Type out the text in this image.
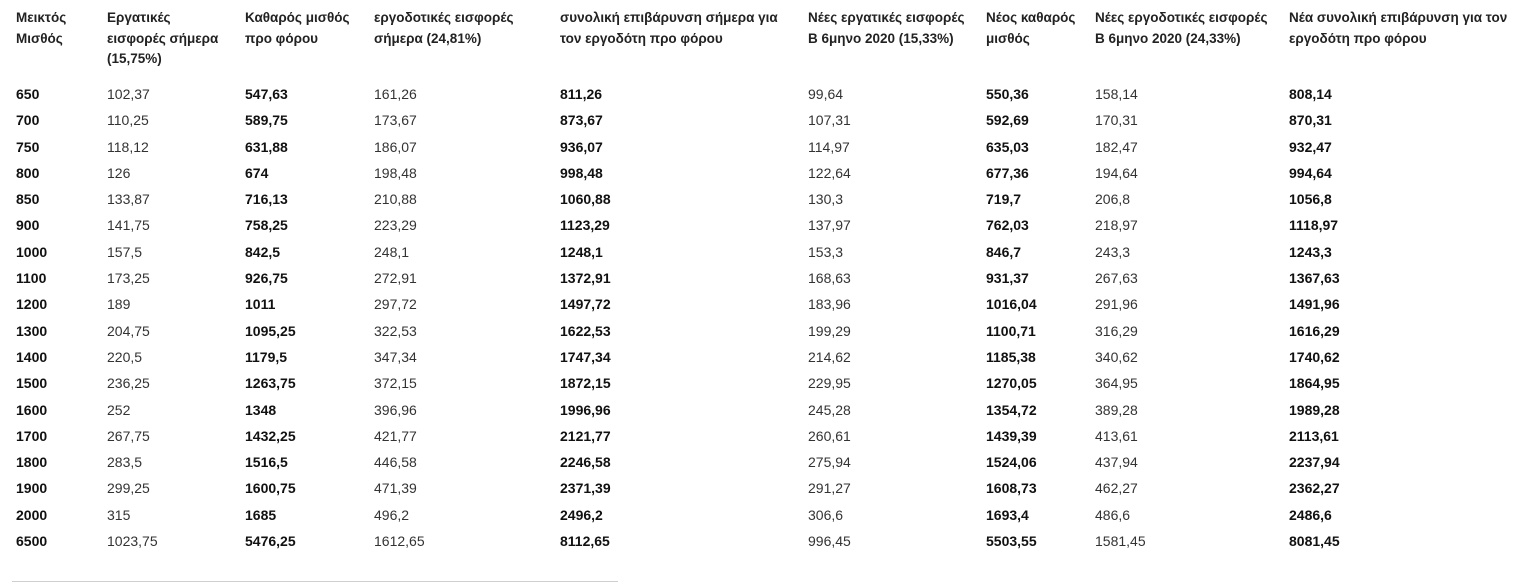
Μεικτός Μισθός	Εργατικές εισφορές σήμερα (15,75%)	Καθαρός μισθός προ φόρου	εργοδοτικές εισφορές σήμερα (24,81%)	συνολική επιβάρυνση σήμερα για τον εργοδότη προ φόρου	Νέες εργατικές εισφορές Β 6μηνο 2020 (15,33%)	Νέος καθαρός μισθός	Νέες εργοδοτικές εισφορές Β 6μηνο 2020 (24,33%)	Νέα συνολική επιβάρυνση για τον εργοδότη προ φόρου
650	102,37	547,63	161,26	811,26	99,64	550,36	158,14	808,14
700	110,25	589,75	173,67	873,67	107,31	592,69	170,31	870,31
750	118,12	631,88	186,07	936,07	114,97	635,03	182,47	932,47
800	126	674	198,48	998,48	122,64	677,36	194,64	994,64
850	133,87	716,13	210,88	1060,88	130,3	719,7	206,8	1056,8
900	141,75	758,25	223,29	1123,29	137,97	762,03	218,97	1118,97
1000	157,5	842,5	248,1	1248,1	153,3	846,7	243,3	1243,3
1100	173,25	926,75	272,91	1372,91	168,63	931,37	267,63	1367,63
1200	189	1011	297,72	1497,72	183,96	1016,04	291,96	1491,96
1300	204,75	1095,25	322,53	1622,53	199,29	1100,71	316,29	1616,29
1400	220,5	1179,5	347,34	1747,34	214,62	1185,38	340,62	1740,62
1500	236,25	1263,75	372,15	1872,15	229,95	1270,05	364,95	1864,95
1600	252	1348	396,96	1996,96	245,28	1354,72	389,28	1989,28
1700	267,75	1432,25	421,77	2121,77	260,61	1439,39	413,61	2113,61
1800	283,5	1516,5	446,58	2246,58	275,94	1524,06	437,94	2237,94
1900	299,25	1600,75	471,39	2371,39	291,27	1608,73	462,27	2362,27
2000	315	1685	496,2	2496,2	306,6	1693,4	486,6	2486,6
6500	1023,75	5476,25	1612,65	8112,65	996,45	5503,55	1581,45	8081,45
